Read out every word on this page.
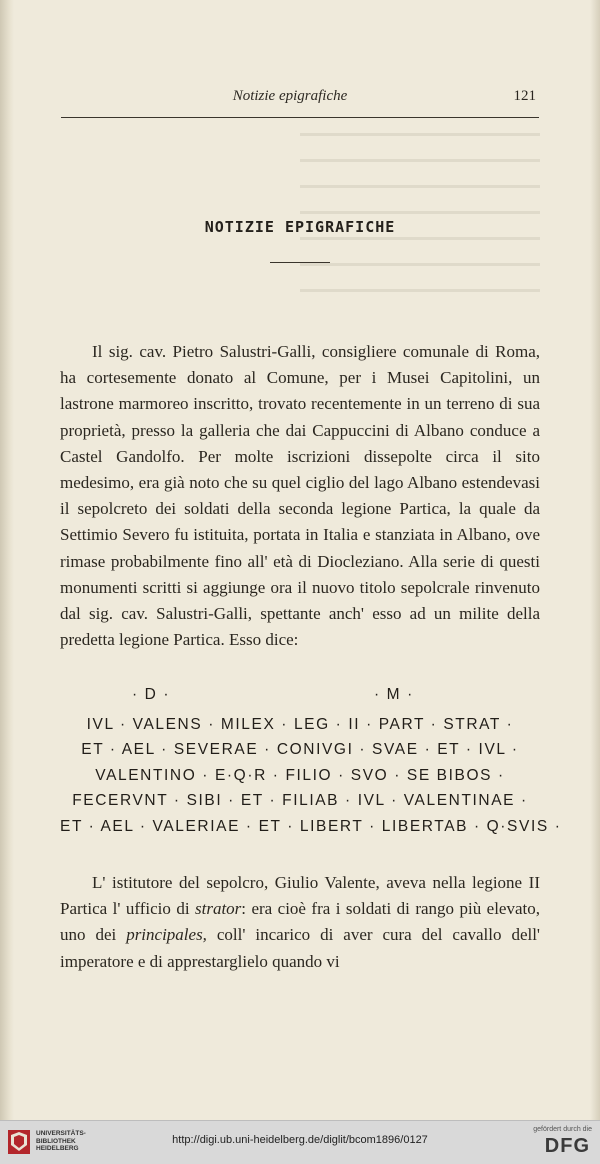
Notizie epigrafiche	121
NOTIZIE EPIGRAFICHE
Il sig. cav. Pietro Salustri-Galli, consigliere comunale di Roma, ha cortesemente donato al Comune, per i Musei Capitolini, un lastrone marmoreo inscritto, trovato recentemente in un terreno di sua proprietà, presso la galleria che dai Cappuccini di Albano conduce a Castel Gandolfo. Per molte iscrizioni dissepolte circa il sito medesimo, era già noto che su quel ciglio del lago Albano estendevasi il sepolcreto dei soldati della seconda legione Partica, la quale da Settimio Severo fu istituita, portata in Italia e stanziata in Albano, ove rimase probabilmente fino all' età di Diocleziano. Alla serie di questi monumenti scritti si aggiunge ora il nuovo titolo sepolcrale rinvenuto dal sig. cav. Salustri-Galli, spettante anch' esso ad un milite della predetta legione Partica. Esso dice:
· D ·	· M ·
IVL · VALENS · MILEX · LEG · II · PART · STRAT ·
ET · AEL · SEVERAE · CONIVGI · SVAE · ET · IVL ·
VALENTINO · E·Q·R · FILIO · SVO · SE BIBOS ·
FECERVNT · SIBI · ET · FILIAB · IVL · VALENTINAE ·
ET · AEL · VALERIAE · ET · LIBERT · LIBERTAB · Q·SVIS ·
L' istitutore del sepolcro, Giulio Valente, aveva nella legione II Partica l' ufficio di strator: era cioè fra i soldati di rango più elevato, uno dei principales, coll' incarico di aver cura del cavallo dell' imperatore e di apprestarglielo quando vi
UNIVERSITÄTS-
BIBLIOTHEK
HEIDELBERG
http://digi.ub.uni-heidelberg.de/diglit/bcom1896/0127
gefördert durch die
DFG
